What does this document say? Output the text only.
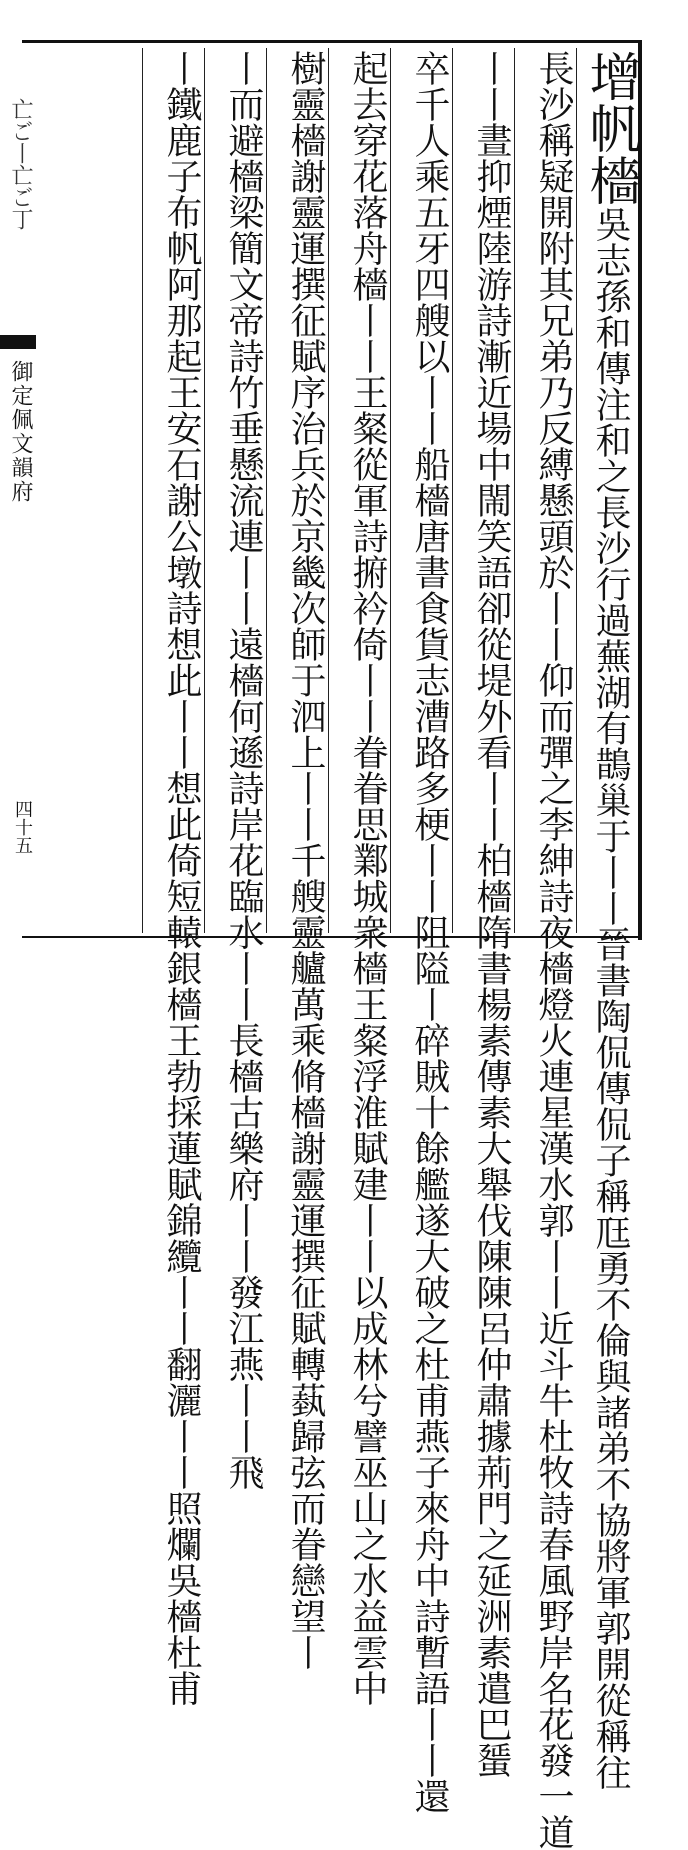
亡ご丨亡ご丁
御定佩文韻府
四十五
增帆檣吳志孫和傳注和之長沙行過蕪湖有鵲巢于丨丨晉書陶侃傳侃子稱尫勇不倫與諸弟不協將軍郭開從稱往
長沙稱疑開附其兄弟乃反縛懸頭於丨丨仰而彈之李紳詩夜檣燈火連星漢水郭丨丨近斗牛杜牧詩春風野岸名花發一道
丨丨晝抑煙陸游詩漸近場中閙笑語卻從堤外看丨丨柏檣隋書楊素傳素大舉伐陳陳呂仲肅據荊門之延洲素遣巴蜑
卒千人乘五牙四艘以丨丨船檣唐書食貨志漕路多梗丨丨阻隘丨碎賊十餘艦遂大破之杜甫燕子來舟中詩暫語丨丨還
起去穿花落舟檣丨丨王粲從軍詩捬衿倚丨丨眷眷思鄴城衆檣王粲浮淮賦建丨丨以成林兮譬巫山之水益雲中
樹靈檣謝靈運撰征賦序治兵於京畿次師于泗上丨丨千艘靈艫萬乘脩檣謝靈運撰征賦轉蓺歸弦而眷戀望丨
丨而避檣梁簡文帝詩竹垂懸流連丨丨遠檣何遜詩岸花臨水丨丨長檣古樂府丨丨發江燕丨丨飛
丨鐵鹿子布帆阿那起王安石謝公墩詩想此丨丨想此倚短轅銀檣王勃採蓮賦錦纜丨丨翻灑丨丨照爛吳檣杜甫
